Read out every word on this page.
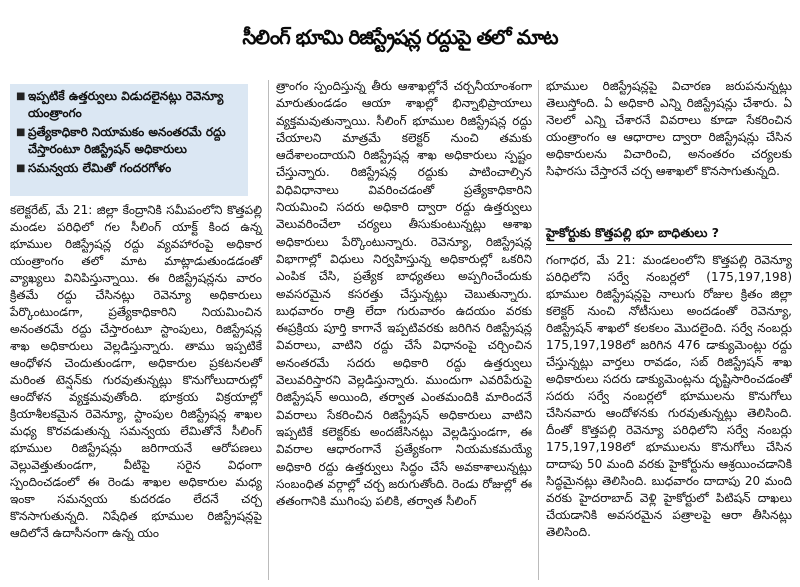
సీలింగ్ భూమి రిజిస్ట్రేషన్ల రద్దుపై తలో మాట
■ ఇప్పటికే ఉత్తర్వులు విడుదలైనట్లు రెవెన్యూ యంత్రాంగం
■ ప్రత్యేకాధికారి నియామకం అనంతరమే రద్దు చేస్తారంటూ రిజిస్ట్రేషన్ అధికారులు
■ సమన్వయ లేమితో గందరగోళం
కలెక్టరేట్, మే 21: జిల్లా కేంద్రానికి సమీపంలోని కొత్తపల్లి మండల పరిధిలో గల సీలింగ్ యాక్ట్ కింద ఉన్న భూముల రిజిస్ట్రేషన్ల రద్దు వ్యవహారంపై అధికార యంత్రాంగం తలో మాట మాట్లాడుతుండడంతో వ్యాఖ్యలు వినిపిస్తున్నాయి. ఈ రిజిస్ట్రేషన్లను వారం క్రితమే రద్దు చేసినట్లు రెవెన్యూ అధికారులు పేర్కొంటుండగా, ప్రత్యేకాధికారిని నియమించిన అనంతరమే రద్దు చేస్తారంటూ స్టాంపులు, రిజిస్ట్రేషన్ల శాఖ అధికారులు వెల్లడిస్తున్నారు. తాము ఇప్పటికే ఆంధోళన చెందుతుండగా, అధికారుల ప్రకటనలతో మరింత టెన్షన్‌కు గురవుతున్నట్లు కొనుగోలుదారుల్లో ఆందోళన వ్యక్తమవుతోంది. భూక్రయ విక్రయాల్లో క్రియాశీలకమైన రెవెన్యూ, స్టాంపుల రిజిస్ట్రేషన్ల శాఖల మధ్య కొరవడుతున్న సమన్వయ లేమితోనే సీలింగ్ భూముల రిజిస్ట్రేషన్లు జరిగాయనే ఆరోపణలు వెల్లువెత్తుతుండగా, వీటిపై సరైన విధంగా స్పందించడంలో ఈ రెండు శాఖల అధికారుల మధ్య ఇంకా సమన్వయ కుదరడం లేదనే చర్చ కొనసాగుతున్నది. నిషేధిత భూముల రిజిస్ట్రేషన్లపై ఆదిలోనే ఉదాసీనంగా ఉన్న యం
త్రాంగం స్పందిస్తున్న తీరు ఆశాఖల్లోనే చర్చనీయాంశంగా మారుతుండడం ఆయా శాఖల్లో భిన్నాభిప్రాయాలు వ్యక్తమవుతున్నాయి. సీలింగ్ భూముల రిజిస్ట్రేషన్ల రద్దు చేయాలని మాత్రమే కలెక్టర్ నుంచి తమకు ఆదేశాలందాయని రిజిస్ట్రేషన్ల శాఖ అధికారులు స్పష్టం చేస్తున్నారు. రిజిస్ట్రేషన్ల రద్దుకు పాటించాల్సిన విధివిధానాలు వివరించడంతో ప్రత్యేకాధికారిని నియమించి సదరు అధికారి ద్వారా రద్దు ఉత్తర్వులు వెలువరించేలా చర్యలు తీసుకుంటున్నట్లు ఆశాఖ అధికారులు పేర్కొంటున్నారు. రెవెన్యూ, రిజిస్ట్రేషన్ల విభాగాల్లో విధులు నిర్వహిస్తున్న అధికారుల్లో ఒకరిని ఎంపిక చేసి, ప్రత్యేక బాధ్యతలు అప్పగించేందుకు అవసరమైన కసరత్తు చేస్తున్నట్లు చెబుతున్నారు. బుధవారం రాత్రి లేదా గురువారం ఉదయం వరకు ఈప్రక్రియ పూర్తి కాగానే ఇప్పటివరకు జరిగిన రిజిస్ట్రేషన్ల వివరాలు, వాటిని రద్దు చేసే విధానంపై చర్చించిన అనంతరమే సదరు అధికారి రద్దు ఉత్తర్వులు వెలువరిస్తారని వెల్లడిస్తున్నారు. ముందుగా ఎవరిపేరుపై రిజిస్ట్రేషన్ అయింది, తర్వాత ఎంతమందికి మారిందనే వివరాలు సేకరించిన రిజిస్ట్రేషన్ అధికారులు వాటిని ఇప్పటికే కలెక్టర్‌కు అందజేసినట్లు వెల్లడిస్తుండగా, ఈ వివరాల ఆధారంగానే ప్రత్యేకంగా నియమకమయ్యే అధికారి రద్దు ఉత్తర్వులు సిద్ధం చేసే అవకాశాలున్నట్లు సంబంధిత వర్గాల్లో చర్చ జరుగుతోంది. రెండు రోజుల్లో ఈ తతంగానికి ముగింపు పలికి, తర్వాత సీలింగ్
భూముల రిజిస్ట్రేషన్లపై విచారణ జరుపనున్నట్లు తెలుస్తోంది. ఏ అధికారి ఎన్ని రిజిస్ట్రేషన్లు చేశారు. ఏ నెలలో ఎన్ని చేశారనే వివరాలు కూడా సేకరించిన యంత్రాంగం ఆ ఆధారాల ద్వారా రిజిస్ట్రేషన్లు చేసిన అధికారులను విచారించి, అనంతరం చర్యలకు సిఫారసు చేస్తారనే చర్చ ఆశాఖలో కొనసాగుతున్నది.
హైకోర్టుకు కొత్తపల్లి భూ బాధితులు ?
గంగాధర, మే 21: మండలంలోని కొత్తపల్లి రెవెన్యూ పరిధిలోని సర్వే నంబర్లలో (175,197,198) భూముల రిజిస్ట్రేషన్లపై నాలుగు రోజుల క్రితం జిల్లా కలెక్టర్ నుంచి నోటీసులు అందడంతో రెవెన్యూ, రిజిస్ట్రేషన్ శాఖలో కలకలం మొదలైంది. సర్వే నంబర్లు 175,197,198లో జరిగిన 476 డాక్యుమెంట్లు రద్దు చేస్తున్నట్లు వార్తలు రావడం, సబ్ రిజిస్ట్రేషన్ శాఖ అధికారులు సదరు డాక్యుమెంట్లను దృష్టిసారించడంతో సదరు సర్వే నంబర్లలో భూములను కొనుగోలు చేసినవారు ఆందోళనకు గురవుతున్నట్లు తెలిసింది. దీంతో కొత్తపల్లి రెవెన్యూ పరిధిలోని సర్వే నంబర్లు 175,197,198లో భూములను కొనుగోలు చేసిన దాదాపు 50 మంది వరకు హైకోర్టును ఆశ్రయించడానికి సిద్ధమైనట్లు తెలిసింది. బుధవారం దాదాపు 20 మంది వరకు హైదరాబాద్ వెళ్లి హైకోర్టులో పిటిషన్ దాఖలు చేయడానికి అవసరమైన పత్రాలపై ఆరా తీసినట్లు తెలిసింది.
